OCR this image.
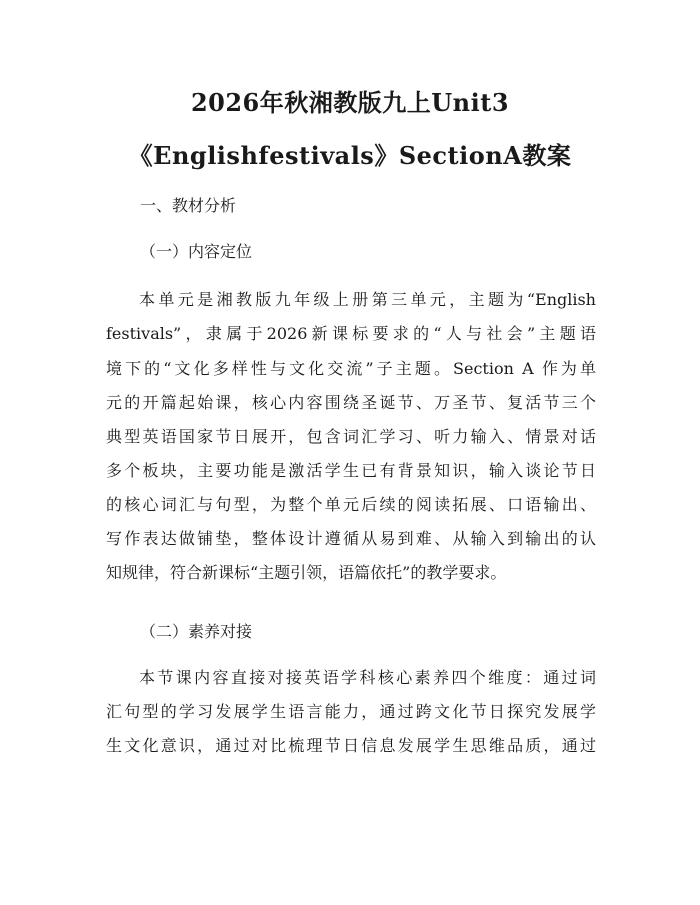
2026年秋湘教版九上Unit3
《Englishfestivals》SectionA教案
一、教材分析
（一）内容定位
本单元是湘教版九年级上册第三单元，主题为“English
festivals”，隶属于2026新课标要求的“人与社会”主题语
境下的“文化多样性与文化交流”子主题。Section A 作为单
元的开篇起始课，核心内容围绕圣诞节、万圣节、复活节三个
典型英语国家节日展开，包含词汇学习、听力输入、情景对话
多个板块，主要功能是激活学生已有背景知识，输入谈论节日
的核心词汇与句型，为整个单元后续的阅读拓展、口语输出、
写作表达做铺垫，整体设计遵循从易到难、从输入到输出的认
知规律，符合新课标“主题引领，语篇依托”的教学要求。
（二）素养对接
本节课内容直接对接英语学科核心素养四个维度：通过词
汇句型的学习发展学生语言能力，通过跨文化节日探究发展学
生文化意识，通过对比梳理节日信息发展学生思维品质，通过
